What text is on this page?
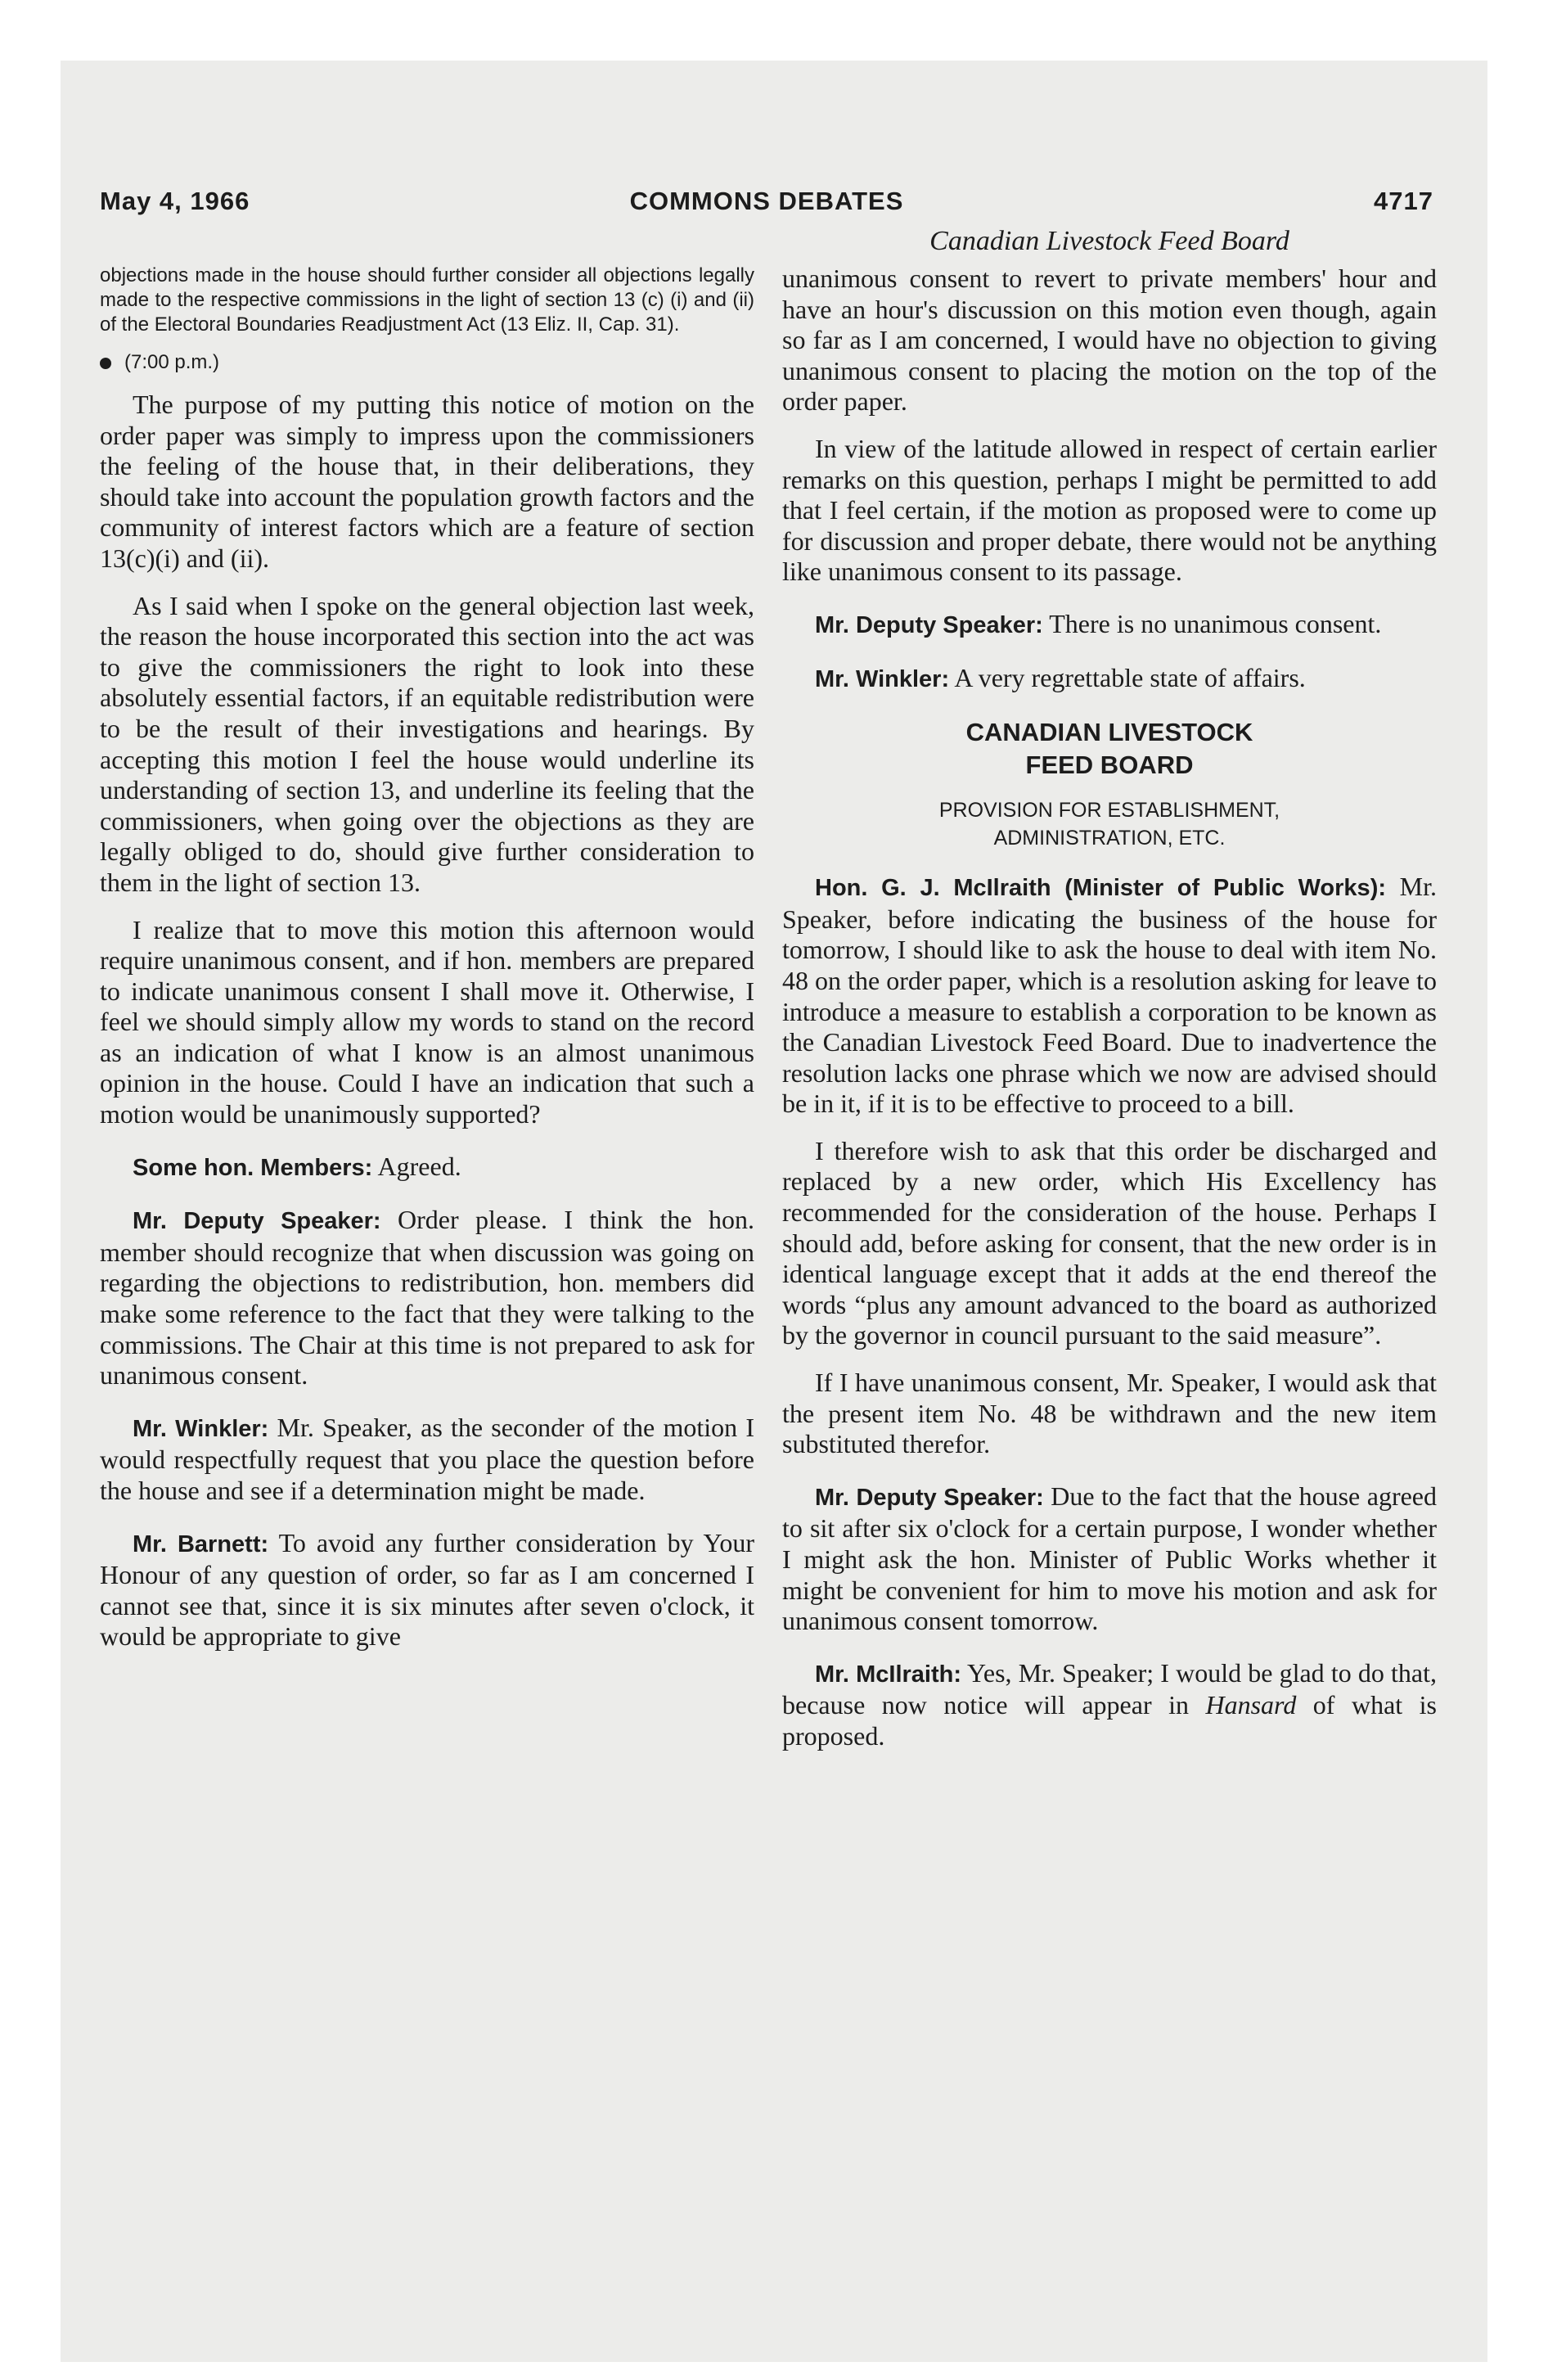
May 4, 1966	COMMONS DEBATES	4717
Canadian Livestock Feed Board

objections made in the house should further consider all objections legally made to the respective commissions in the light of section 13 (c) (i) and (ii) of the Electoral Boundaries Readjustment Act (13 Eliz. II, Cap. 31).

(7:00 p.m.)

The purpose of my putting this notice of motion on the order paper was simply to impress upon the commissioners the feeling of the house that, in their deliberations, they should take into account the population growth factors and the community of interest factors which are a feature of section 13(c)(i) and (ii).

As I said when I spoke on the general objection last week, the reason the house incorporated this section into the act was to give the commissioners the right to look into these absolutely essential factors, if an equitable redistribution were to be the result of their investigations and hearings. By accepting this motion I feel the house would underline its understanding of section 13, and underline its feeling that the commissioners, when going over the objections as they are legally obliged to do, should give further consideration to them in the light of section 13.

I realize that to move this motion this afternoon would require unanimous consent, and if hon. members are prepared to indicate unanimous consent I shall move it. Otherwise, I feel we should simply allow my words to stand on the record as an indication of what I know is an almost unanimous opinion in the house. Could I have an indication that such a motion would be unanimously supported?

Some hon. Members: Agreed.

Mr. Deputy Speaker: Order please. I think the hon. member should recognize that when discussion was going on regarding the objections to redistribution, hon. members did make some reference to the fact that they were talking to the commissions. The Chair at this time is not prepared to ask for unanimous consent.

Mr. Winkler: Mr. Speaker, as the seconder of the motion I would respectfully request that you place the question before the house and see if a determination might be made.

Mr. Barnett: To avoid any further consideration by Your Honour of any question of order, so far as I am concerned I cannot see that, since it is six minutes after seven o'clock, it would be appropriate to give

unanimous consent to revert to private members' hour and have an hour's discussion on this motion even though, again so far as I am concerned, I would have no objection to giving unanimous consent to placing the motion on the top of the order paper.

In view of the latitude allowed in respect of certain earlier remarks on this question, perhaps I might be permitted to add that I feel certain, if the motion as proposed were to come up for discussion and proper debate, there would not be anything like unanimous consent to its passage.

Mr. Deputy Speaker: There is no unanimous consent.

Mr. Winkler: A very regrettable state of affairs.

CANADIAN LIVESTOCK
FEED BOARD
PROVISION FOR ESTABLISHMENT,
ADMINISTRATION, ETC.

Hon. G. J. McIlraith (Minister of Public Works): Mr. Speaker, before indicating the business of the house for tomorrow, I should like to ask the house to deal with item No. 48 on the order paper, which is a resolution asking for leave to introduce a measure to establish a corporation to be known as the Canadian Livestock Feed Board. Due to inadvertence the resolution lacks one phrase which we now are advised should be in it, if it is to be effective to proceed to a bill.

I therefore wish to ask that this order be discharged and replaced by a new order, which His Excellency has recommended for the consideration of the house. Perhaps I should add, before asking for consent, that the new order is in identical language except that it adds at the end thereof the words “plus any amount advanced to the board as authorized by the governor in council pursuant to the said measure”.

If I have unanimous consent, Mr. Speaker, I would ask that the present item No. 48 be withdrawn and the new item substituted therefor.

Mr. Deputy Speaker: Due to the fact that the house agreed to sit after six o'clock for a certain purpose, I wonder whether I might ask the hon. Minister of Public Works whether it might be convenient for him to move his motion and ask for unanimous consent tomorrow.

Mr. McIlraith: Yes, Mr. Speaker; I would be glad to do that, because now notice will appear in Hansard of what is proposed.
